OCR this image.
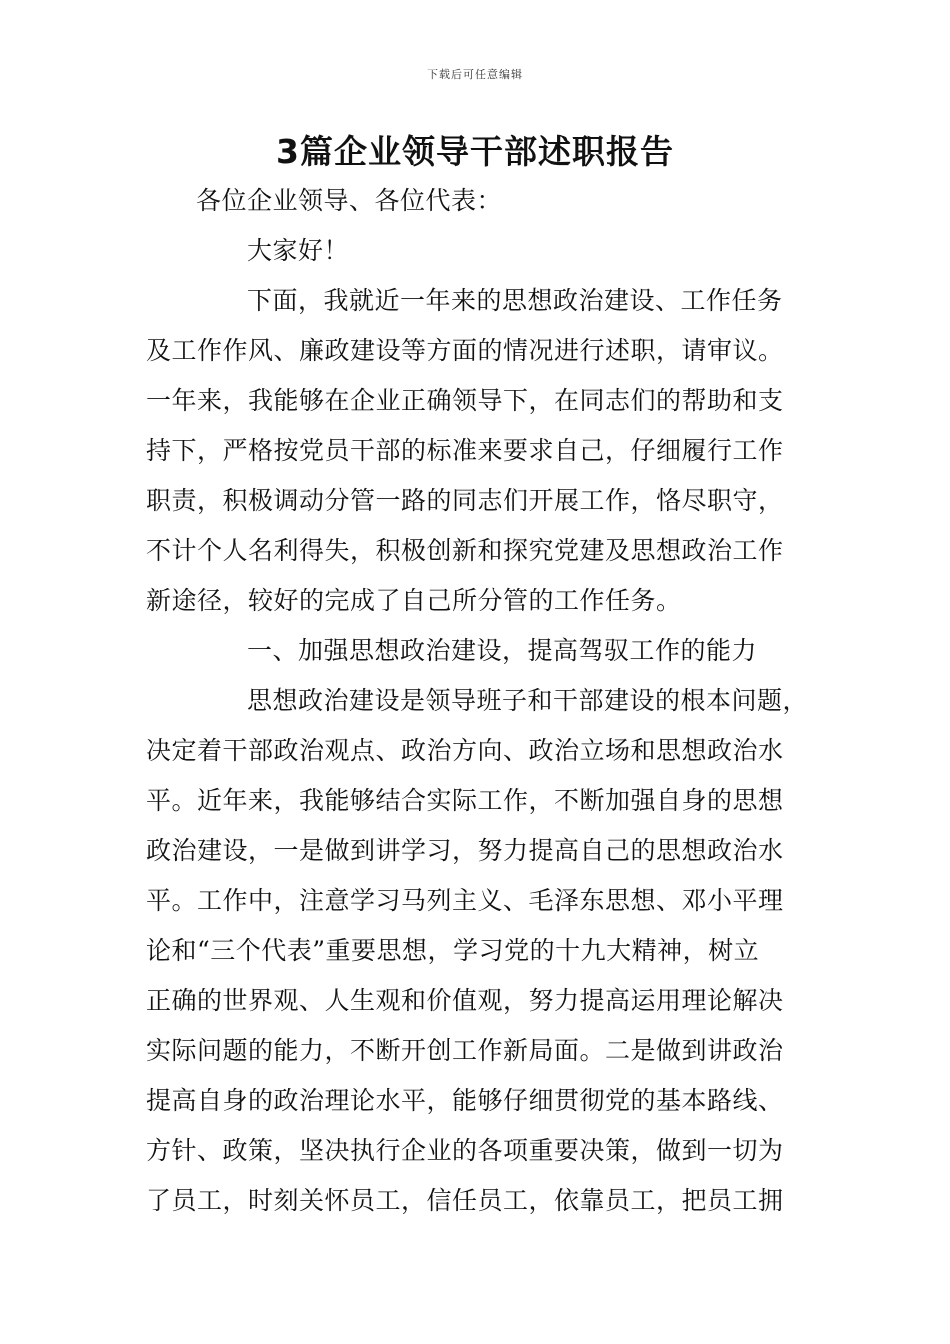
下载后可任意编辑
3篇企业领导干部述职报告
各位企业领导、各位代表：
大家好！
下面，我就近一年来的思想政治建设、工作任务
及工作作风、廉政建设等方面的情况进行述职，请审议。
一年来，我能够在企业正确领导下，在同志们的帮助和支
持下，严格按党员干部的标准来要求自己，仔细履行工作
职责，积极调动分管一路的同志们开展工作，恪尽职守，
不计个人名利得失，积极创新和探究党建及思想政治工作
新途径，较好的完成了自己所分管的工作任务。
一、加强思想政治建设，提高驾驭工作的能力
思想政治建设是领导班子和干部建设的根本问题，
决定着干部政治观点、政治方向、政治立场和思想政治水
平。近年来，我能够结合实际工作，不断加强自身的思想
政治建设，一是做到讲学习，努力提高自己的思想政治水
平。工作中，注意学习马列主义、毛泽东思想、邓小平理
论和“三个代表”重要思想，学习党的十九大精神，树立
正确的世界观、人生观和价值观，努力提高运用理论解决
实际问题的能力，不断开创工作新局面。二是做到讲政治
提高自身的政治理论水平，能够仔细贯彻党的基本路线、
方针、政策，坚决执行企业的各项重要决策，做到一切为
了员工，时刻关怀员工，信任员工，依靠员工，把员工拥
